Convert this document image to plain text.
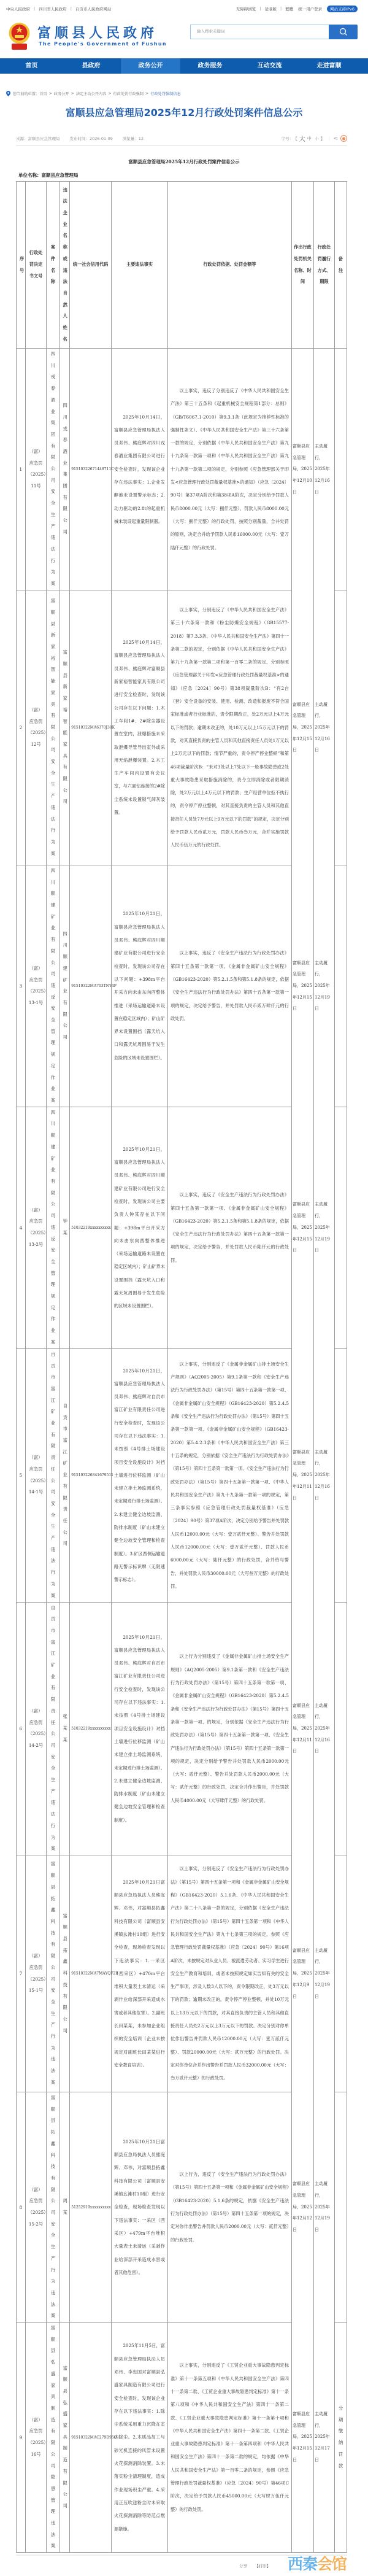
中央人民政府 | 四川省人民政府 | 自贡市人民政府网站	无障碍浏览 | 适老版 | 繁體 统一用户登录	网站支持IPv6
富顺县人民政府
The People's Government of Fushun
输入搜索关键词
首页	县政府	政务公开	政务服务	互动交流	走进富顺
您当前的位置： 首页 > 政务公开 > 法定主动公开内容 > 行政处罚行政强制 > 行政处罚强制信息
富顺县应急管理局2025年12月行政处罚案件信息公示
来源：富顺县应急管理局 发布时间：2026-01-09 浏览量：12	字号： 【 大 中 小 】 | <
富顺县应急管理局2025年12月行政处罚案件信息公示
单位名称：富顺县应急管理局
序号	行政处罚决定书文号	案件名称	违法企业名称或违法自然人姓名	统一社会信用代码	主要违法事实	行政处罚依据、处罚金额等	作出行政处罚机关名称、时间	行政处罚履行方式、期限	备注
1	（富）应急罚（2025）11号	四川戎春酒业集团有限公司安全生产违法行为案	四川戎春酒业集团有限公司	91510322671448711C	2025年10月14日，富顺县应急管理局执法人员邓伟、熊庭辉对四川戎春酒业集团有限公司进行安全检查时，发现该企业存在违法事实：1.企业发酵池未设置警示标志；2.动力驱动的2.8t的起重机械未装设起重量限制器。	以上事实，违反了分别违反了《中华人民共和国安全生产法》第三十五条和《起重机械安全规程第1部分：总则》（GB/T6067.1-2010）第9.3.1条（此规定为推荐性标准的强制性条文）、《中华人民共和国安全生产法》第三十六条第一款的规定，分别依据《中华人民共和国安全生产法》第九十九条第一款第一项和《中华人民共和国安全生产法》第九十九条第一款第二项的规定，分别参照《应急管理部关于印发<应急管理行政处罚裁量权基准>的通知》（应急〔2024〕90号）第37项A阶次和第38项A阶次，决定分别给予罚款人民币8000.00元（大写：捌仟元整）、罚款人民币8000.00元（大写：捌仟元整）的行政处罚，按照分别裁量，合并处罚的原则，决定合并给予罚款人民币16000.00元（大写：壹万陆仟元整）的行政处罚。	富顺县应急管理局，2025年12月10日	主动履行，2025年12月16日	
2	（富）应急罚（2025）12号	富顺县新家裕智能家具有限公司安全生产违法行为案	富顺县新家裕智能家具有限公司	91510322MA6370J38K	2025年10月14日，富顺县应急管理局执法人员邓伟、熊庭辉对富顺县新家裕智能家具有限公司进行安全检查时，发现该公司存在以下问题：1.木工车间1#、2#除尘器设置在室内，泄爆措施未采取泄爆导管导出室外或采用无焰泄爆装置。2.木工生产车间内设置有会议室，与六面钻连接的2#除尘系统未设置锁气卸灰装置。	以上事实，分别违反了《中华人民共和国安全生产法》第三十六条第一款和《粉尘防爆安全规程》（GB15577-2018）第7.3.3条、《中华人民共和国安全生产法》第四十一条第二款的规定，分别依据《中华人民共和国安全生产法》第九十九条第一款第二项和第一百零二条的规定，分别参照《应急管理部关于印发<应急管理行政处罚裁量权基准>的通知》（应急〔2024〕90号）第38项裁量阶次B：“有2台（套）安全设备的安装、使用、检测、改造和报废不符合国家标准或者行业标准的，责令限期改正，处2万元以上4万元以下的罚款；逾期未改正的，处10万元以上15万元以下的罚款，对其直接负责的主管人员和其他直接责任人员处1万元以上2万元以下的罚款；情节严重的，责令停产停业整顿”和第46项裁量阶次B：“未对3处以上7处以下一般事故隐患或2处重大事故隐患采取措施消除的，责令立即消除或者限期消除，处2万元以上4万元以下的罚款；生产经营单位拒不执行的，责令停产停业整顿，对其直接负责的主管人员和其他直接责任人员处7万元以上9万元以下的罚款”的规定，决定分别给予罚款人民币贰万元，罚款人民币叁万元，合并实施罚款人民币伍万元的行政处罚。	富顺县应急管理局，2025年12月15日	主动履行，2025年12月16日	
3	（富）应急罚（2025）13-1号	四川顺建矿业有限公司违反安全管理规定作业案	四川顺建矿业有限公司	91510322MA703TNY4P	2025年10月21日，富顺县应急管理局执法人员邓伟、熊庭辉对四川顺建矿业有限公司进行安全检查时，发现该公司存在以下问题：+398m平台开采方向未由东向西整体推进（采场运输道路未设置在稳定区域内）；矿山矿界未设置围挡（露天坑入口和露天坑周围易于发生危险的区域未设置围栏）。	以上事实，违反了《安全生产违法行为行政处罚办法》第四十五条第一款第一项、《金属非金属矿山安全规程》（GB16423-2020）第5.2.1.5条和第5.1.8条的规定，依据《安全生产违法行为行政处罚办法》第四十五条第一款第一项的规定，决定给予警告，并处罚款人民币贰万肆仟元的行政处罚。	富顺县应急管理局，2025年12月15日	主动履行，2025年12月19日	
4	（富）应急罚（2025）13-2号	四川顺建矿业有限公司违反安全管理规定作业案	钟某	51032219xxxxxxxxxx	2025年10月21日，富顺县应急管理局执法人员邓伟、熊庭辉对四川顺建矿业有限公司进行安全检查时，发现该公司主要负责人钟某存在以下问题：+398m平台开采方向未由东向西整体推进（采场运输道路未设置在稳定区域内）；矿山矿界未设置围挡（露天坑入口和露天坑周围易于发生危险的区域未设置围栏）。	以上事实，违反了《安全生产违法行为行政处罚办法》第四十五条第一款第一项、《金属非金属矿山安全规程》（GB16423-2020）第5.2.1.5条和第5.1.8条的规定，依据《安全生产违法行为行政处罚办法》第四十五条第一款第一项的规定，决定给予警告，并处罚款人民币陆仟元的行政处罚。	富顺县应急管理局，2025年12月15日	主动履行，2025年12月19日	
5	（富）应急罚（2025）14-1号	自贡市富江矿业有限责任公司安全生产违法行为案	自贡市富江矿业有限责任公司	915103226841679511	2025年10月21日，富顺县应急管理局执法人员邓伟、熊庭辉对自贡市富江矿业有限责任公司进行安全检查时，发现该公司存在以下违法事实：1.未按照《4号排土场建设项目安全设施设计》对挡土墙进行位移监测（矿山未建立排土场监测系统，未定期进行排土场监测）。2.未建立健全边坡监测、防排水制度（矿山未建立健全边坡安全管理和检查制度）。3.矿区西侧运输道路无警示标识牌（无限速警示标志）。	以上事实，分别违反了《金属非金属矿山排土场安全生产规则》（AQ2005-2005）第9.1条第一款和《安全生产违法行为行政处罚办法》（第15号）第四十五条第一款第一项、《金属非金属矿山安全规程》（GB16423-2020）第5.2.4.5条和《安全生产违法行为行政处罚办法》（第15号）第四十五条第一款第一项、《金属非金属矿山安全规程》（GB16423-2020）第5.4.2.3条和《中华人民共和国安全生产法》第三十五条的规定，分别依据《安全生产违法行为行政处罚办法》（第15号）第四十五条第一款第一项、《安全生产违法行为行政处罚办法》（第15号）第四十五条第一款第一项、《中华人民共和国安全生产法》第九十九条第一款第一项的规定，第三条事实参照《应急管理行政处罚裁量权基准》（应急〔2024〕90号）第37项A阶次，决定分别给予警告并处罚款人民币12000.00元（大写：壹万贰仟元整）、警告并处罚款人民币12000.00元（大写：壹万贰仟元整）、罚款人民币6000.00元（大写：陆仟元整）的行政处罚，合并给与警告，并处罚款人民币30000.00元（大写叁万元整）的行政处罚。	富顺县应急管理局，2025年12月11日	主动履行，2025年12月16日	
6	（富）应急罚（2025）14-2号	自贡市富江矿业有限责任公司安全生产违法行为案	张某某	51032219xxxxxxxxxx	2025年10月21日，富顺县应急管理局执法人员邓伟、熊庭辉对自贡市富江矿业有限责任公司进行安全检查时，发现该公司存在以下违法事实：1.未按照《4号排土场建设项目安全设施设计》对挡土墙进行位移监测（矿山未建立排土场监测系统，未定期进行排土场监测）。2.未建立健全边坡监测、防排水制度（矿山未建立健全边坡安全管理和检查制度）。	以上行为分别违反了《金属非金属矿山排土场安全生产规则》（AQ2005-2005）第9.1条第一款和《安全生产违法行为行政处罚办法》（第15号）第四十五条第一款第一项、《金属非金属矿山安全规程》（GB16423-2020）第5.2.4.5条和《安全生产违法行为行政处罚办法》（第15号）第四十五条第一款第一项、的规定，分别依据《安全生产违法行为行政处罚办法》（第15号）第四十五条第一款第一项、《安全生产违法行为行政处罚办法》（第15号）第四十五条第一款第一项的规定，决定分别给予警告并处罚款人民币2000.00元（大写：贰仟元整）、警告并处罚款人民币2000.00元（大写：贰仟元整）的行政处罚，决定合并作出警告，并处罚款人民币4000.00元（大写肆仟元整）的行政处罚。	富顺县应急管理局，2025年12月11日	主动履行，2025年12月16日	
7	（富）应急罚（2025）15-1号	富顺县拓鑫科技有限公司安全生产行为违法案	富顺县拓鑫科技有限公司	91510322MA7MAYQF2B	2025年10月21日富顺县应急局执法人员熊庭辉、邓伟，对富顺县拓鑫科技有限公司（富顺县安溪镇幺滩村10组）进行安全检查，现场检查发现以下违法事实：1.一采区（西采区）+470m平台堆积大量表土未清运（采剥作业给深部开采造成水害或者其他危害）。2.副班长田某某，未参加企业组织的安全培训（企业未按规定对副班长田某某进行安全教育培训）。	以上事实，分别违反了《安全生产违法行为行政处罚办法》（第15号）第四十五条第一项和《金属非金属矿山安全规程》（GB16423-2020）5.1.6条、《中华人民共和国安全生产法》第二十八条第一款的规定，分别依据《安全生产违法行为行政处罚办法》（第15号）第四十五条第一项和《中华人民共和国安全生产法》第九十七条第三项的规定，参照《应急管理行政处罚裁量权基准》（应急〔2024〕90号）第16项A阶次，未按规定对从业人员、被派遣劳动者、实习学生进行安全生产教育和培训，或者未按照规定如实告知有关的安全生产事项，涉及人数3人以下的，责令限期改正，处3万元以下的罚款；逾期未改正的，责令停产停业整顿，并处10万元以上13万元以下的罚款，对其直接负责的主管人员和其他直接责任人员处2万元以上3万元以下的罚款。决定分别对你单位作出警告并罚款人民币12000.00元（大写：壹万贰仟元整）、罚款20000.00元（大写：贰万元整）的行政处罚。决定对你单位合并作出警告并罚款人民币32000.00元（大写：叁万贰仟元整）的行政处罚。	富顺县应急管理局，2025年12月9日	主动履行，2025年12月19日	
8	（富）应急罚（2025）15-2号	富顺县拓鑫科技有限公司安全生产行为违法案	周某	51252919xxxxxxxxxx	2025年10月21日富顺县应急局执法人员熊庭辉、邓伟，对富顺县拓鑫科技有限公司（富顺县安溪镇幺滩村10组）进行安全检查，现场检查发现以下违法事实：一采区（西采区）+479m平台堆积大量表土未清运（采剥作业给深部开采造成水害或者其他危害）。	以上行为，违反了《安全生产违法行为行政处罚办法》（第15号）第四十五条第一项和《金属非金属矿山安全规程》（GB16423-2020）5.1.6条的规定，依据《安全生产违法行为行政处罚办法》（第15号）第四十五条第一项的规定，决定对你作出警告并罚款人民币2000.00元（大写：贰仟元整）的行政处罚。	富顺县应急管理局，2025年12月12日	主动履行，2025年12月19日	
9	（富）应急罚（2025）16号	富顺县弘盛家具制造有限公司隐患管理违法案	富顺县弘盛家具制造有限公司	91510322MAC279D95Q	2025年11月5日，富顺县应急管理局执法人员邓伟、李忠国对富顺县弘盛家具制造有限公司进行安全检查时，发现该企业存在以下违法事实：1.除尘系统采用重力沉降在室内除尘。2.木质品加工与砂光机连接的风管未设置火花探测消除装置。3.未落实粉尘清理制度，造成作业现场积尘严重。4.采用正压吹送粉尘时未采取火花探测消除等防范点燃源措施。	以上事实，分别违反了《工贸企业重大事故隐患判定标准》第十一条第五项和《中华人民共和国安全生产法》第四十一条第二款、《工贸企业重大事故隐患判定标准》第十一条第八项和《中华人民共和国安全生产法》第四十一条第二款、《工贸企业重大事故隐患判定标准》第十一条第十项和《中华人民共和国安全生产法》第四十一条第二款、《工贸企业重大事故隐患判定标准》第十一条第四项和《中华人民共和国安全生产法》第四十一条第二款的规定，均依据《中华人民共和国安全生产法》第一百零二条的规定，参照《应急管理行政处罚裁量权基准》（应急〔2024〕90号）第46项C阶次，决定给予罚款人民币45000.00元（大写肆万伍仟元整）的行政处罚。	富顺县应急管理局，2025年12月15日	主动履行，2025年12月17日	分期缴纳罚款
分享 【打印】 西秦会馆
